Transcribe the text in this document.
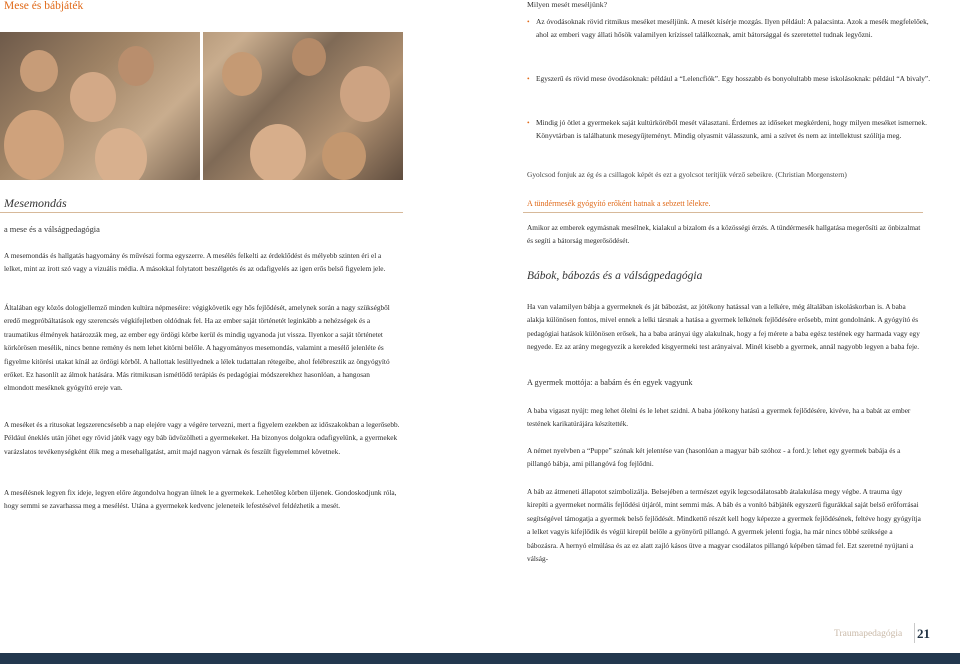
Mese és bábjáték
Mesemondás
a mese és a válságpedagógia
A mesemondás és hallgatás hagyomány és művészi forma egyszerre. A mesélés felkelti az érdeklődést és mélyebb szinten éri el a lelket, mint az írott szó vagy a vizuális média. A másokkal folytatott beszélgetés és az odafigyelés az igen erős belső figyelem jele.
Általában egy közös dologjellemző minden kultúra népmeséire: végigkövetik egy hős fejlődését, amelynek során a nagy szükségből eredő megpróbáltatások egy szerencsés végkifejletben oldódnak fel. Ha az ember saját történetét leginkább a nehézségek és a traumatikus élmények határozzák meg, az ember egy ördögi körbe kerül és mindig ugyanoda jut vissza. Ilyenkor a saját történetet körkörösen mesélik, nincs benne remény és nem lehet kitörni belőle. A hagyományos mesemondás, valamint a mesélő jelenléte és figyelme kitörési utakat kínál az ördögi körből. A hallottak lesüllyednek a lélek tudattalan rétegeibe, ahol felébresztik az öngyógyító erőket. Ez hasonlít az álmok hatására. Más ritmikusan ismétlődő terápiás és pedagógiai módszerekhez hasonlóan, a hangosan elmondott meséknek gyógyító ereje van.
A meséket és a ritusokat legszerencsésebb a nap elejére vagy a végére tervezni, mert a figyelem ezekben az időszakokban a legerősebb. Például éneklés után jöhet egy rövid játék vagy egy báb üdvözölheti a gyermekeket. Ha bizonyos dolgokra odafigyelünk, a gyermekek varázslatos tevékenységként élik meg a mesehallgatást, amit majd nagyon várnak és feszült figyelemmel követnek.
A mesélésnek legyen fix ideje, legyen előre átgondolva hogyan ülnek le a gyermekek. Lehetőleg körben üljenek. Gondoskodjunk róla, hogy semmi se zavarhassa meg a mesélést. Utána a gyermekek kedvenc jeleneteik lefestésével feldézhetik a mesét.
Milyen mesét meséljünk?
• Az óvodásoknak rövid ritmikus meséket meséljünk. A mesét kísérje mozgás. Ilyen például: A palacsinta. Azok a mesék megfelelőek, ahol az emberi vagy állati hősök valamilyen krízissel találkoznak, amit bátorsággal és szeretettel tudnak legyőzni.
• Egyszerű és rövid mese óvodásoknak: például a “Lelencfiók”. Egy hosszabb és bonyolultabb mese iskolásoknak: például “A bivaly”.
• Mindig jó ötlet a gyermekek saját kultúrköréből mesét választani. Érdemes az időseket megkérdeni, hogy milyen meséket ismernek. Könyvtárban is találhatunk mesegyűjteményt. Mindig olyasmit válasszunk, ami a szívet és nem az intellektust szólítja meg.
Gyolcsod fonjuk az ég és a csillagok képét és ezt a gyolcsot terítjük vérző sebeikre. (Christian Morgenstern)
A tündérmesék gyógyító erőként hatnak a sebzett lélekre.
Amikor az emberek egymásnak mesélnek, kialakul a bizalom és a közösségi érzés. A tündérmesék hallgatása megerősíti az önbizalmat és segíti a bátorság megerősödését.
Bábok, bábozás és a válságpedagógia
Ha van valamilyen bábja a gyermeknek és ját bábozást, az jótékony hatással van a lelkére, még általában iskoláskorban is. A baba alakja különösen fontos, mivel ennek a lelki társnak a hatása a gyermek lelkének fejlődésére erősebb, mint gondolnánk. A gyógyító és pedagógiai hatások különösen erősek, ha a baba arányai úgy alakulnak, hogy a fej mérete a baba egész testének egy harmada vagy egy negyede. Ez az arány megegyezik a kerekded kisgyermeki test arányaival. Minél kisebb a gyermek, annál nagyobb legyen a baba feje.
A gyermek mottója: a babám és én egyek vagyunk
A baba vigaszt nyújt: meg lehet ölelni és le lehet szidni. A baba jótékony hatású a gyermek fejlődésére, kivéve, ha a babát az ember testének karikatúrájára készítették.
A német nyelvben a “Puppe” szónak két jelentése van (hasonlóan a magyar báb szóhoz - a ford.): lehet egy gyermek babája és a pillangó bábja, ami pillangóvá fog fejlődni.
A báb az átmeneti állapotot szimbolizálja. Belsejében a természet egyik legcsodálatosabb átalakulása megy végbe. A trauma úgy kirepíti a gyermeket normális fejlődési útjáról, mint semmi más. A báb és a vonító bábjáték egyszerű figurákkal saját belső erőforrásai segítségével támogatja a gyermek belső fejlődését. Mindkettő részét kell hogy képezze a gyermek fejlődésének, feltéve hogy gyógyítja a lelket vagyis kifejlődik és végül kirepül belőle a gyönyörű pillangó. A gyermek jelenti fogja, ha már nincs többé szüksége a bábozásra. A hernyó elmúlása és az ez alatt zajló kásos ütve a magyar csodálatos pillangó képében támad fel. Ezt szeretné nyújtani a válság-
Traumapedagógia 21
